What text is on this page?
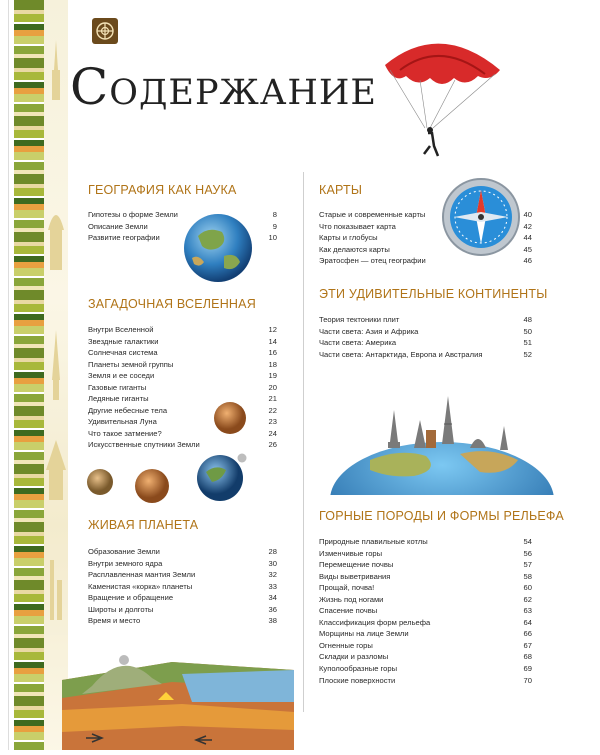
Содержание
ГЕОГРАФИЯ КАК НАУКА
Гипотезы о форме Земли	8
Описание Земли	9
Развитие географии	10
ЗАГАДОЧНАЯ ВСЕЛЕННАЯ
Внутри Вселенной	12
Звездные галактики	14
Солнечная система	16
Планеты земной группы	18
Земля и ее соседи	19
Газовые гиганты	20
Ледяные гиганты	21
Другие небесные тела	22
Удивительная Луна	23
Что такое затмение?	24
Искусственные спутники Земли	26
ЖИВАЯ ПЛАНЕТА
Образование Земли	28
Внутри земного ядра	30
Расплавленная мантия Земли	32
Каменистая «корка» планеты	33
Вращение и обращение	34
Широты и долготы	36
Время и место	38
КАРТЫ
Старые и современные карты	40
Что показывает карта	42
Карты и глобусы	44
Как делаются карты	45
Эратосфен — отец географии	46
ЭТИ УДИВИТЕЛЬНЫЕ КОНТИНЕНТЫ
Теория тектоники плит	48
Части света: Азия и Африка	50
Части света: Америка	51
Части света: Антарктида, Европа и Австралия	52
ГОРНЫЕ ПОРОДЫ И ФОРМЫ РЕЛЬЕФА
Природные плавильные котлы	54
Изменчивые горы	56
Перемещение почвы	57
Виды выветривания	58
Прощай, почва!	60
Жизнь под ногами	62
Спасение почвы	63
Классификация форм рельефа	64
Морщины на лице Земли	66
Огненные горы	67
Складки и разломы	68
Куполообразные горы	69
Плоские поверхности	70
